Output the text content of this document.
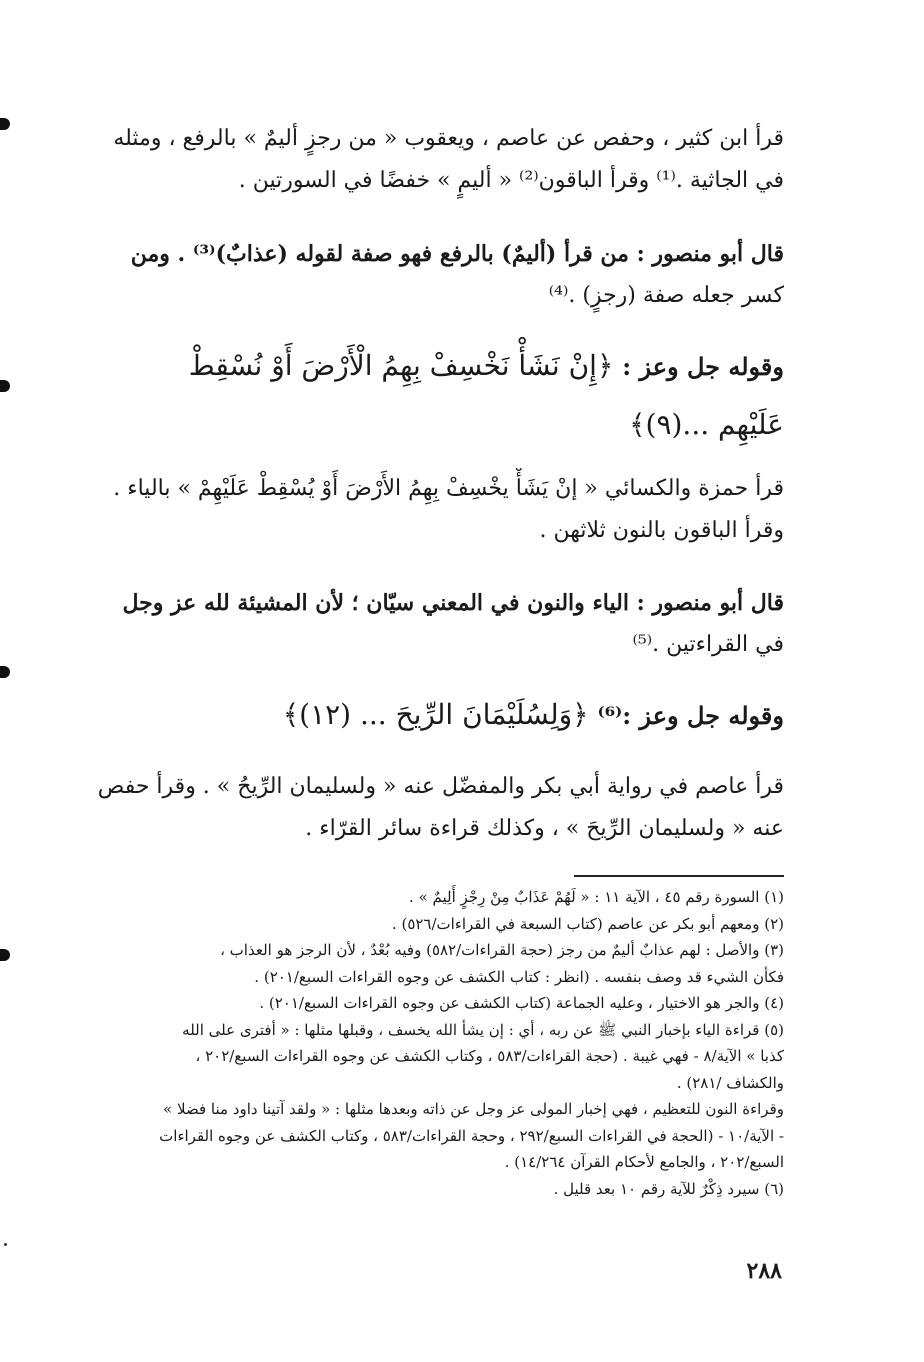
قرأ ابن كثير ، وحفص عن عاصم ، ويعقوب « من رجزٍ أليمٌ » بالرفع ، ومثله
في الجاثية .⁽¹⁾ وقرأ الباقون⁽²⁾ « أليمٍ » خفضًا في السورتين .
قال أبو منصور : من قرأ (أليمٌ) بالرفع فهو صفة لقوله (عذابٌ)⁽³⁾ . ومن
كسر جعله صفة (رجزٍ) .⁽⁴⁾
وقوله جل وعز : ﴿إِنْ نَشَأْ نَخْسِفْ بِهِمُ الْأَرْضَ أَوْ نُسْقِطْ
عَلَيْهِم ...(٩)﴾
قرأ حمزة والكسائي « إنْ يَشَأْ يخْسِفْ بِهِمُ الأَرْضَ أَوْ يُسْقِطْ عَلَيْهِمْ » بالياء .
وقرأ الباقون بالنون ثلاثهن .
قال أبو منصور : الياء والنون في المعني سيّان ؛ لأن المشيئة لله عز وجل
في القراءتين .⁽⁵⁾
وقوله جل وعز :⁽⁶⁾ ﴿وَلِسُلَيْمَانَ الرِّيحَ ... (١٢)﴾
قرأ عاصم في رواية أبي بكر والمفضّل عنه « ولسليمان الرِّيحُ » . وقرأ حفص
عنه « ولسليمان الرِّيحَ » ، وكذلك قراءة سائر القرّاء .
(١) السورة رقم ٤٥ ، الآية ١١ : « لَهُمْ عَذَابٌ مِنْ رِجْزٍ أَلِيمٌ » .
(٢) ومعهم أبو بكر عن عاصم (كتاب السبعة في القراءات/٥٢٦) .
(٣) والأصل : لهم عذابٌ أليمٌ من رجز (حجة القراءات/٥٨٢) وفيه بُعْدٌ ، لأن الرجز هو العذاب ،
فكأن الشيء قد وصف بنفسه . (انظر : كتاب الكشف عن وجوه القراءات السبع/٢٠١) .
(٤) والجر هو الاختيار ، وعليه الجماعة (كتاب الكشف عن وجوه القراءات السبع/٢٠١) .
(٥) قراءة الياء بإخبار النبي ﷺ عن ربه ، أي : إن يشأ الله يخسف ، وقبلها مثلها : « أفترى على الله
كذبا » الآية/٨ - فهي غيبة . (حجة القراءات/٥٨٣ ، وكتاب الكشف عن وجوه القراءات السبع/٢٠٢ ،
والكشاف /٢٨١) .
وقراءة النون للتعظيم ، فهي إخبار المولى عز وجل عن ذاته وبعدها مثلها : « ولقد آتينا داود منا فضلا »
- الآية/١٠ - (الحجة في القراءات السبع/٢٩٢ ، وحجة القراءات/٥٨٣ ، وكتاب الكشف عن وجوه القراءات
السبع/٢٠٢ ، والجامع لأحكام القرآن ١٤/٢٦٤) .
(٦) سيرد ذِكْرٌ للآية رقم ١٠ بعد قليل .
٢٨٨
